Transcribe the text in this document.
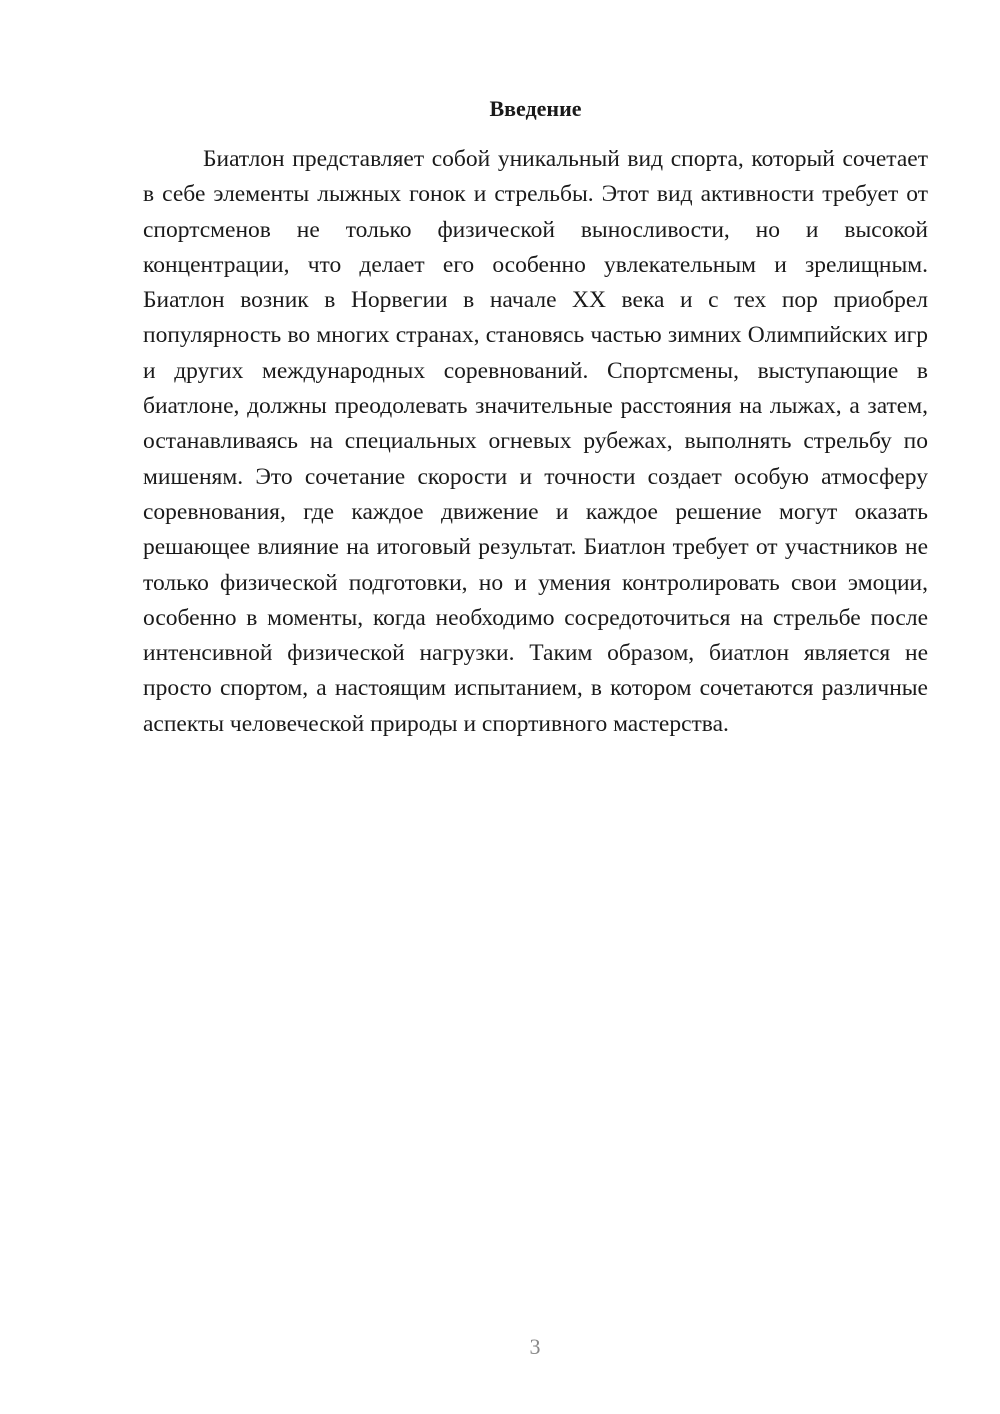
Введение

Биатлон представляет собой уникальный вид спорта, который сочетает в себе элементы лыжных гонок и стрельбы. Этот вид активности требует от спортсменов не только физической выносливости, но и высокой концентрации, что делает его особенно увлекательным и зрелищным. Биатлон возник в Норвегии в начале XX века и с тех пор приобрел популярность во многих странах, становясь частью зимних Олимпийских игр и других международных соревнований. Спортсмены, выступающие в биатлоне, должны преодолевать значительные расстояния на лыжах, а затем, останавливаясь на специальных огневых рубежах, выполнять стрельбу по мишеням. Это сочетание скорости и точности создает особую атмосферу соревнования, где каждое движение и каждое решение могут оказать решающее влияние на итоговый результат. Биатлон требует от участников не только физической подготовки, но и умения контролировать свои эмоции, особенно в моменты, когда необходимо сосредоточиться на стрельбе после интенсивной физической нагрузки. Таким образом, биатлон является не просто спортом, а настоящим испытанием, в котором сочетаются различные аспекты человеческой природы и спортивного мастерства.

3
